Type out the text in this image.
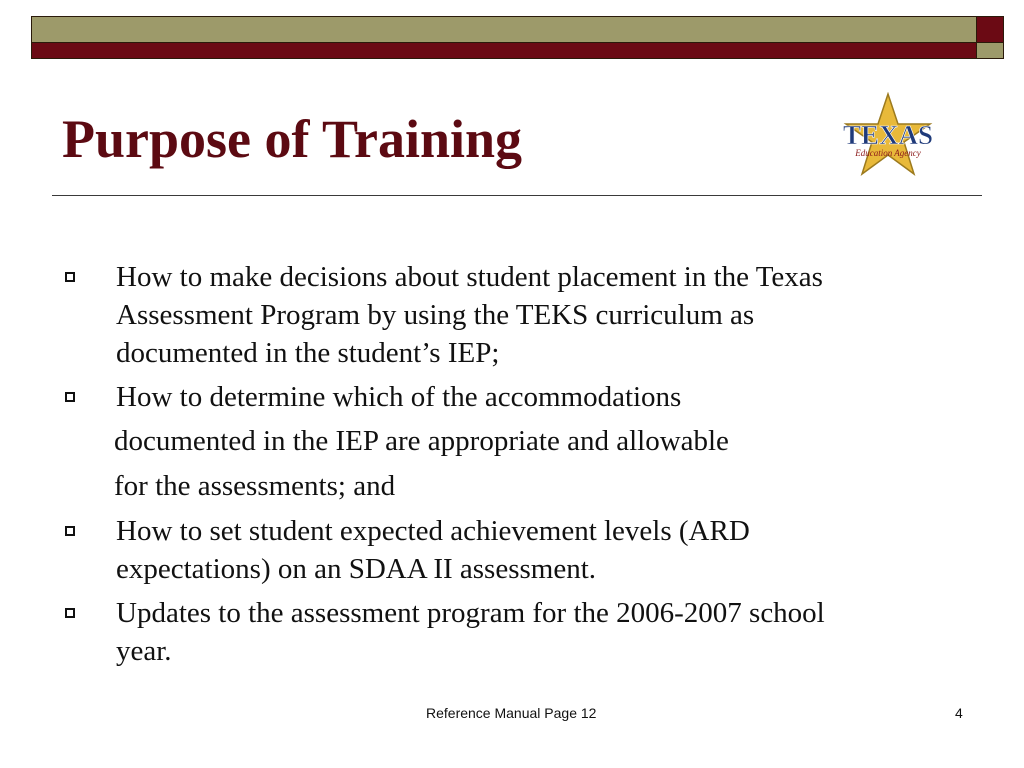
Purpose of Training	TEXAS
Education Agency
How to make decisions about student placement in the Texas
Assessment Program by using the TEKS curriculum as
documented in the student’s IEP;
How to determine which of the accommodations
documented in the IEP are appropriate and allowable
for the assessments; and
How to set student expected achievement levels (ARD
expectations) on an SDAA II assessment.
Updates to the assessment program for the 2006-2007 school
year.
Reference Manual Page 12	4
